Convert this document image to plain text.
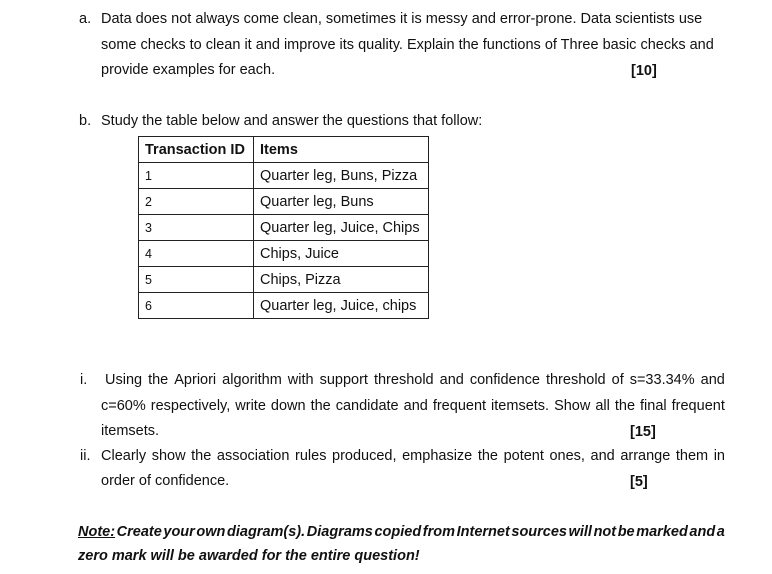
a. Data does not always come clean, sometimes it is messy and error-prone. Data scientists use
some checks to clean it and improve its quality. Explain the functions of Three basic checks and
provide examples for each.	[10]
b. Study the table below and answer the questions that follow:
Transaction ID	Items
1	Quarter leg, Buns, Pizza
2	Quarter leg, Buns
3	Quarter leg, Juice, Chips
4	Chips, Juice
5	Chips, Pizza
6	Quarter leg, Juice, chips
i. Using the Apriori algorithm with support threshold and confidence threshold of s=33.34% and
c=60% respectively, write down the candidate and frequent itemsets. Show all the final frequent
itemsets.	[15]
ii. Clearly show the association rules produced, emphasize the potent ones, and arrange them in
order of confidence.	[5]
Note: Create your own diagram(s). Diagrams copied from Internet sources will not be marked and a
zero mark will be awarded for the entire question!
